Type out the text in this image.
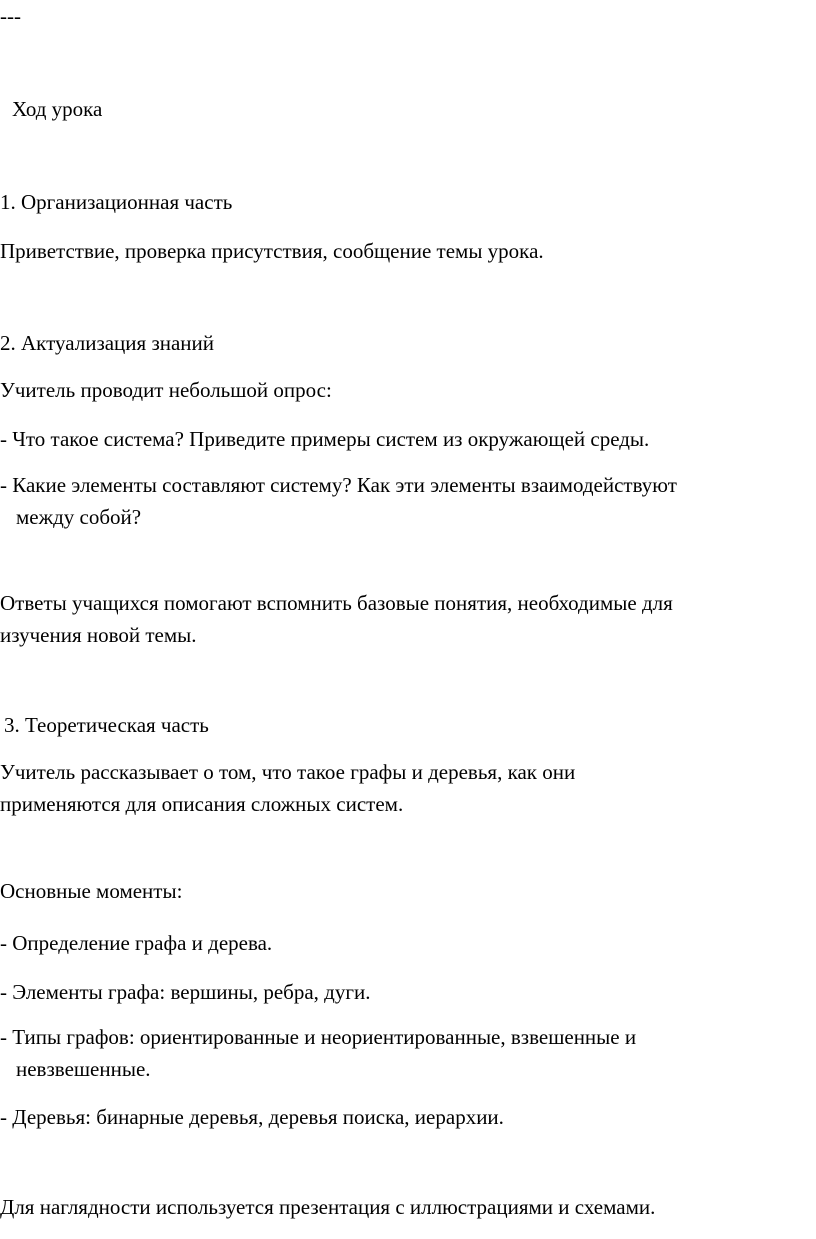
---
Ход урока
1. Организационная часть
Приветствие, проверка присутствия, сообщение темы урока.
2. Актуализация знаний
Учитель проводит небольшой опрос:
- Что такое система? Приведите примеры систем из окружающей среды.
- Какие элементы составляют систему? Как эти элементы взаимодействуют
между собой?
Ответы учащихся помогают вспомнить базовые понятия, необходимые для
изучения новой темы.
3. Теоретическая часть
Учитель рассказывает о том, что такое графы и деревья, как они
применяются для описания сложных систем.
Основные моменты:
- Определение графа и дерева.
- Элементы графа: вершины, ребра, дуги.
- Типы графов: ориентированные и неориентированные, взвешенные и
невзвешенные.
- Деревья: бинарные деревья, деревья поиска, иерархии.
Для наглядности используется презентация с иллюстрациями и схемами.
